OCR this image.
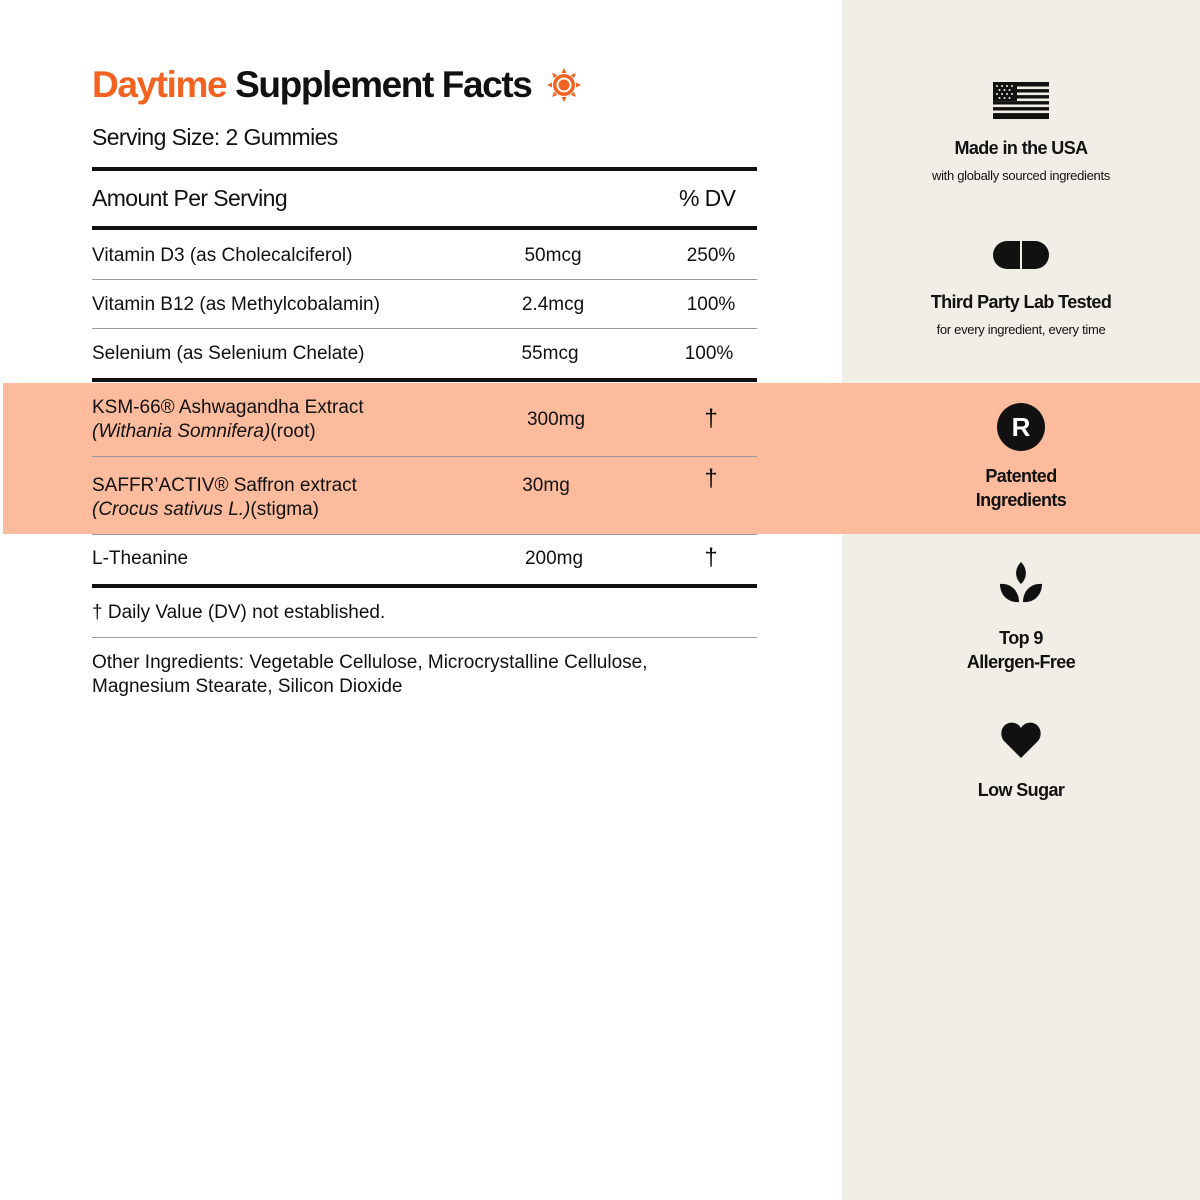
Daytime Supplement Facts
Serving Size: 2 Gummies
Amount Per Serving	% DV
Vitamin D3 (as Cholecalciferol)	50mcg	250%
Vitamin B12 (as Methylcobalamin)	2.4mcg	100%
Selenium (as Selenium Chelate)	55mcg	100%
KSM-66® Ashwagandha Extract
(Withania Somnifera)(root)
300mg	†
SAFFR’ACTIV® Saffron extract
(Crocus sativus L.)(stigma)
30mg	†
L-Theanine	200mg	†
† Daily Value (DV) not established.
Other Ingredients: Vegetable Cellulose, Microcrystalline Cellulose,
Magnesium Stearate, Silicon Dioxide
Made in the USA
with globally sourced ingredients
Third Party Lab Tested
for every ingredient, every time
R
Patented
Ingredients
Top 9
Allergen-Free
Low Sugar
